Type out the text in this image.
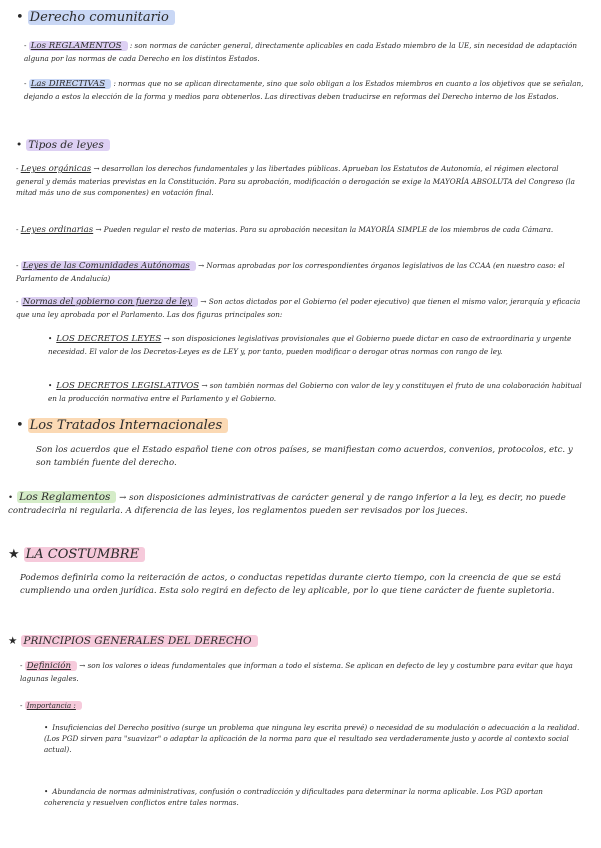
• Derecho comunitario
- Los REGLAMENTOS : son normas de carácter general, directamente aplicables en cada Estado miembro de la UE, sin necesidad de adaptación alguna por las normas de cada Derecho en los distintos Estados.
- Las DIRECTIVAS : normas que no se aplican directamente, sino que solo obligan a los Estados miembros en cuanto a los objetivos que se señalan, dejando a estos la elección de la forma y medios para obtenerlos. Las directivas deben traducirse en reformas del Derecho interno de los Estados.
• Tipos de leyes
- Leyes orgánicas → desarrollan los derechos fundamentales y las libertades públicas. Aprueban los Estatutos de Autonomía, el régimen electoral general y demás materias previstas en la Constitución. Para su aprobación, modificación o derogación se exige la MAYORÍA ABSOLUTA del Congreso (la mitad más uno de sus componentes) en votación final.
- Leyes ordinarias → Pueden regular el resto de materias. Para su aprobación necesitan la MAYORÍA SIMPLE de los miembros de cada Cámara.
- Leyes de las Comunidades Autónomas → Normas aprobadas por los correspondientes órganos legislativos de las CCAA (en nuestro caso: el Parlamento de Andalucía)
- Normas del gobierno con fuerza de ley → Son actos dictados por el Gobierno (el poder ejecutivo) que tienen el mismo valor, jerarquía y eficacia que una ley aprobada por el Parlamento. Las dos figuras principales son:
• LOS DECRETOS LEYES → son disposiciones legislativas provisionales que el Gobierno puede dictar en caso de extraordinaria y urgente necesidad. El valor de los Decretos-Leyes es de LEY y, por tanto, pueden modificar o derogar otras normas con rango de ley.
• LOS DECRETOS LEGISLATIVOS → son también normas del Gobierno con valor de ley y constituyen el fruto de una colaboración habitual en la producción normativa entre el Parlamento y el Gobierno.
• Los Tratados Internacionales
Son los acuerdos que el Estado español tiene con otros países, se manifiestan como acuerdos, convenios, protocolos, etc. y son también fuente del derecho.
• Los Reglamentos → son disposiciones administrativas de carácter general y de rango inferior a la ley, es decir, no puede contradecirla ni regularla. A diferencia de las leyes, los reglamentos pueden ser revisados por los jueces.
★ LA COSTUMBRE
Podemos definirla como la reiteración de actos, o conductas repetidas durante cierto tiempo, con la creencia de que se está cumpliendo una orden jurídica. Esta solo regirá en defecto de ley aplicable, por lo que tiene carácter de fuente supletoria.
★ PRINCIPIOS GENERALES DEL DERECHO
- Definición → son los valores o ideas fundamentales que informan a todo el sistema. Se aplican en defecto de ley y costumbre para evitar que haya lagunas legales.
- Importancia :
• Insuficiencias del Derecho positivo (surge un problema que ninguna ley escrita prevé) o necesidad de su modulación o adecuación a la realidad. (Los PGD sirven para "suavizar" o adaptar la aplicación de la norma para que el resultado sea verdaderamente justo y acorde al contexto social actual).
• Abundancia de normas administrativas, confusión o contradicción y dificultades para determinar la norma aplicable. Los PGD aportan coherencia y resuelven conflictos entre tales normas.
